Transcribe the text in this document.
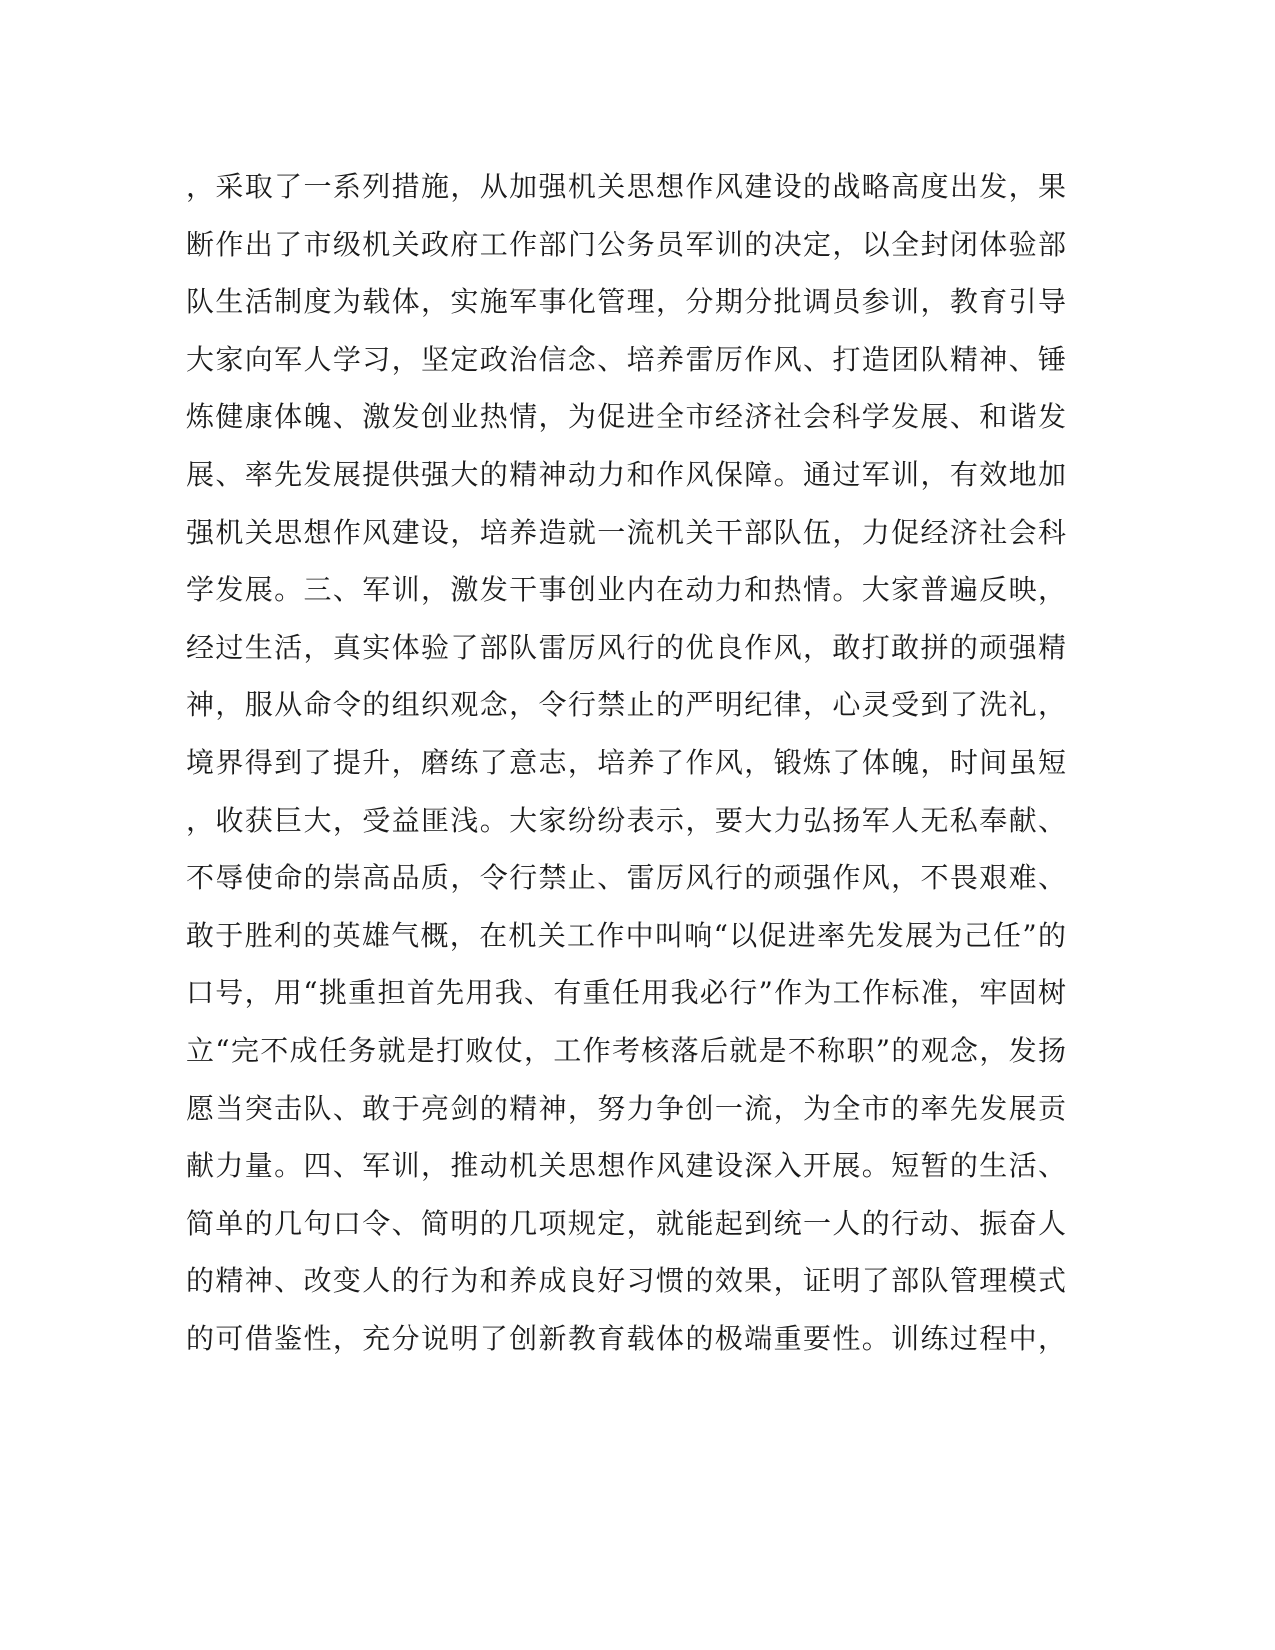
，采取了一系列措施，从加强机关思想作风建设的战略高度出发，果
断作出了市级机关政府工作部门公务员军训的决定，以全封闭体验部
队生活制度为载体，实施军事化管理，分期分批调员参训，教育引导
大家向军人学习，坚定政治信念、培养雷厉作风、打造团队精神、锤
炼健康体魄、激发创业热情，为促进全市经济社会科学发展、和谐发
展、率先发展提供强大的精神动力和作风保障。通过军训，有效地加
强机关思想作风建设，培养造就一流机关干部队伍，力促经济社会科
学发展。三、军训，激发干事创业内在动力和热情。大家普遍反映，
经过生活，真实体验了部队雷厉风行的优良作风，敢打敢拼的顽强精
神，服从命令的组织观念，令行禁止的严明纪律，心灵受到了洗礼，
境界得到了提升，磨练了意志，培养了作风，锻炼了体魄，时间虽短
，收获巨大，受益匪浅。大家纷纷表示，要大力弘扬军人无私奉献、
不辱使命的崇高品质，令行禁止、雷厉风行的顽强作风，不畏艰难、
敢于胜利的英雄气概，在机关工作中叫响“以促进率先发展为己任”的
口号，用“挑重担首先用我、有重任用我必行”作为工作标准，牢固树
立“完不成任务就是打败仗，工作考核落后就是不称职”的观念，发扬
愿当突击队、敢于亮剑的精神，努力争创一流，为全市的率先发展贡
献力量。四、军训，推动机关思想作风建设深入开展。短暂的生活、
简单的几句口令、简明的几项规定，就能起到统一人的行动、振奋人
的精神、改变人的行为和养成良好习惯的效果，证明了部队管理模式
的可借鉴性，充分说明了创新教育载体的极端重要性。训练过程中，
